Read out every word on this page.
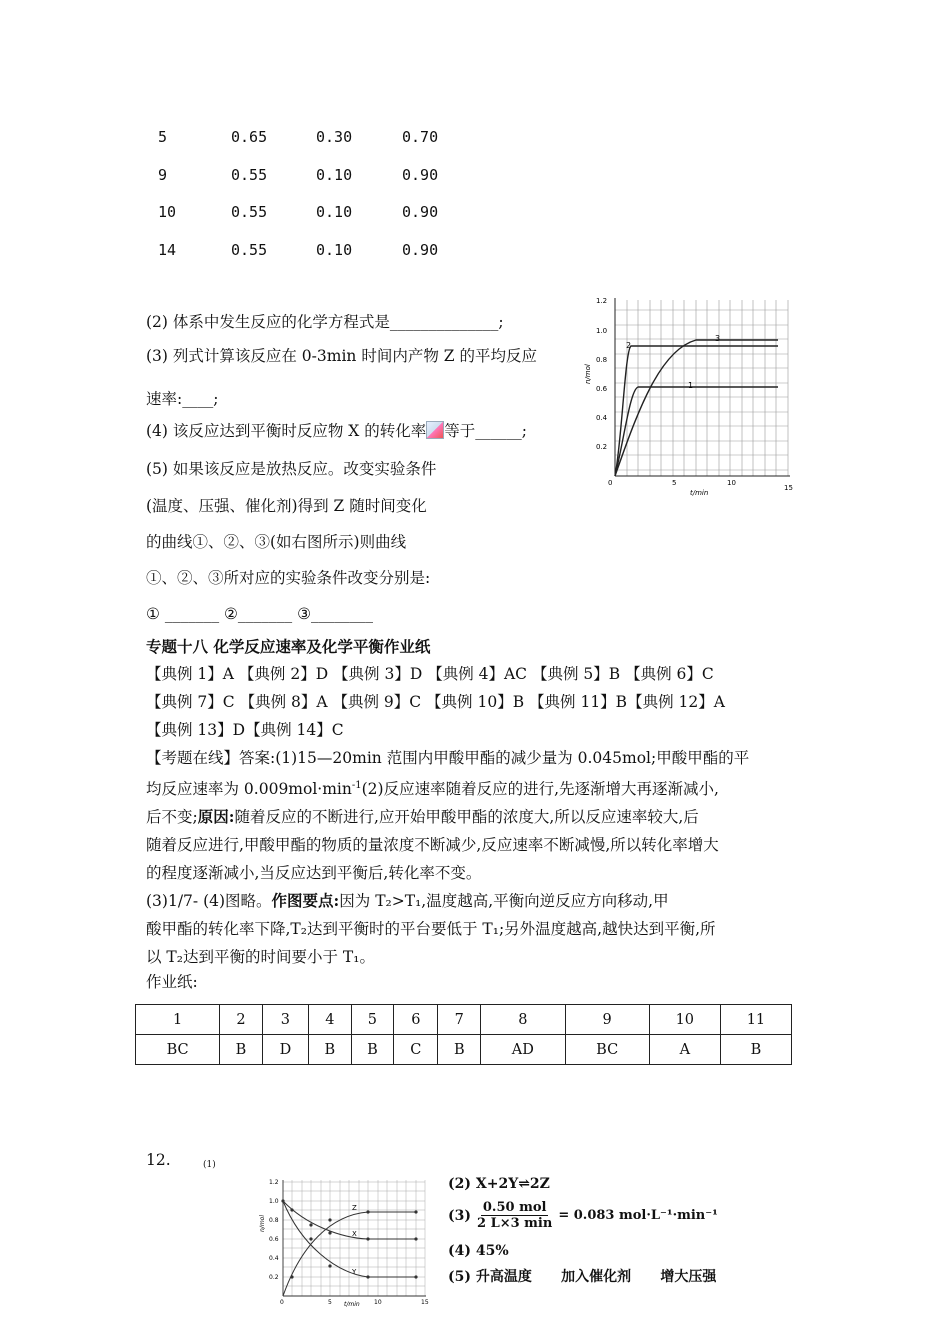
5	0.65	0.30	0.70
9	0.55	0.10	0.90
10	0.55	0.10	0.90
14	0.55	0.10	0.90
(2) 体系中发生反应的化学方程式是______________;
(3) 列式计算该反应在 0-3min 时间内产物 Z 的平均反应
速率:____;
(4) 该反应达到平衡时反应物 X 的转化率 等于______;
(5) 如果该反应是放热反应。改变实验条件
(温度、压强、催化剂)得到 Z 随时间变化
的曲线①、②、③(如右图所示)则曲线
①、②、③所对应的实验条件改变分别是:
① _______ ②_______ ③________
2
3
1
1.2
1.0
0.8
0.6
0.4
0.2
0	5	10
15
t/min
n/mol
专题十八 化学反应速率及化学平衡作业纸
【典例 1】A 【典例 2】D 【典例 3】D 【典例 4】AC 【典例 5】B 【典例 6】C
【典例 7】C 【典例 8】A 【典例 9】C 【典例 10】B 【典例 11】B【典例 12】A
【典例 13】D【典例 14】C
【考题在线】答案:(1)15—20min 范围内甲酸甲酯的减少量为 0.045mol;甲酸甲酯的平
均反应速率为 $0.009mol\cdot\min^{-1}(2)$反应速率随着反应的进行,先逐渐增大再逐渐减小,
后不变;原因:随着反应的不断进行,应开始甲酸甲酯的浓度大,所以反应速率较大,后
随着反应进行,甲酸甲酯的物质的量浓度不断减少,反应速率不断减慢,所以转化率增大
的程度逐渐减小,当反应达到平衡后,转化率不变。
(3)1/7- (4)图略。作图要点:因为 T₂>T₁,温度越高,平衡向逆反应方向移动,甲
酸甲酯的转化率下降,T₂达到平衡时的平台要低于 T₁;另外温度越高,越快达到平衡,所
以 T₂达到平衡的时间要小于 T₁。
作业纸:
1	2	3	4	5	6	7	8	9	10	11
BC	B	D	B	B	C	B	AD	BC	A	B
12.	(1)
Z
X
Y
1.2
1.0
0.8
0.6
0.4
0.2
0	5	10	15
t/min
n/mol
(2) X+2Y⇌2Z
(3) 0.50 mol
2 L×3 min
= 0.083 mol·L⁻¹·min⁻¹
(4) 45%
(5) 升高温度      加入催化剂      增大压强
